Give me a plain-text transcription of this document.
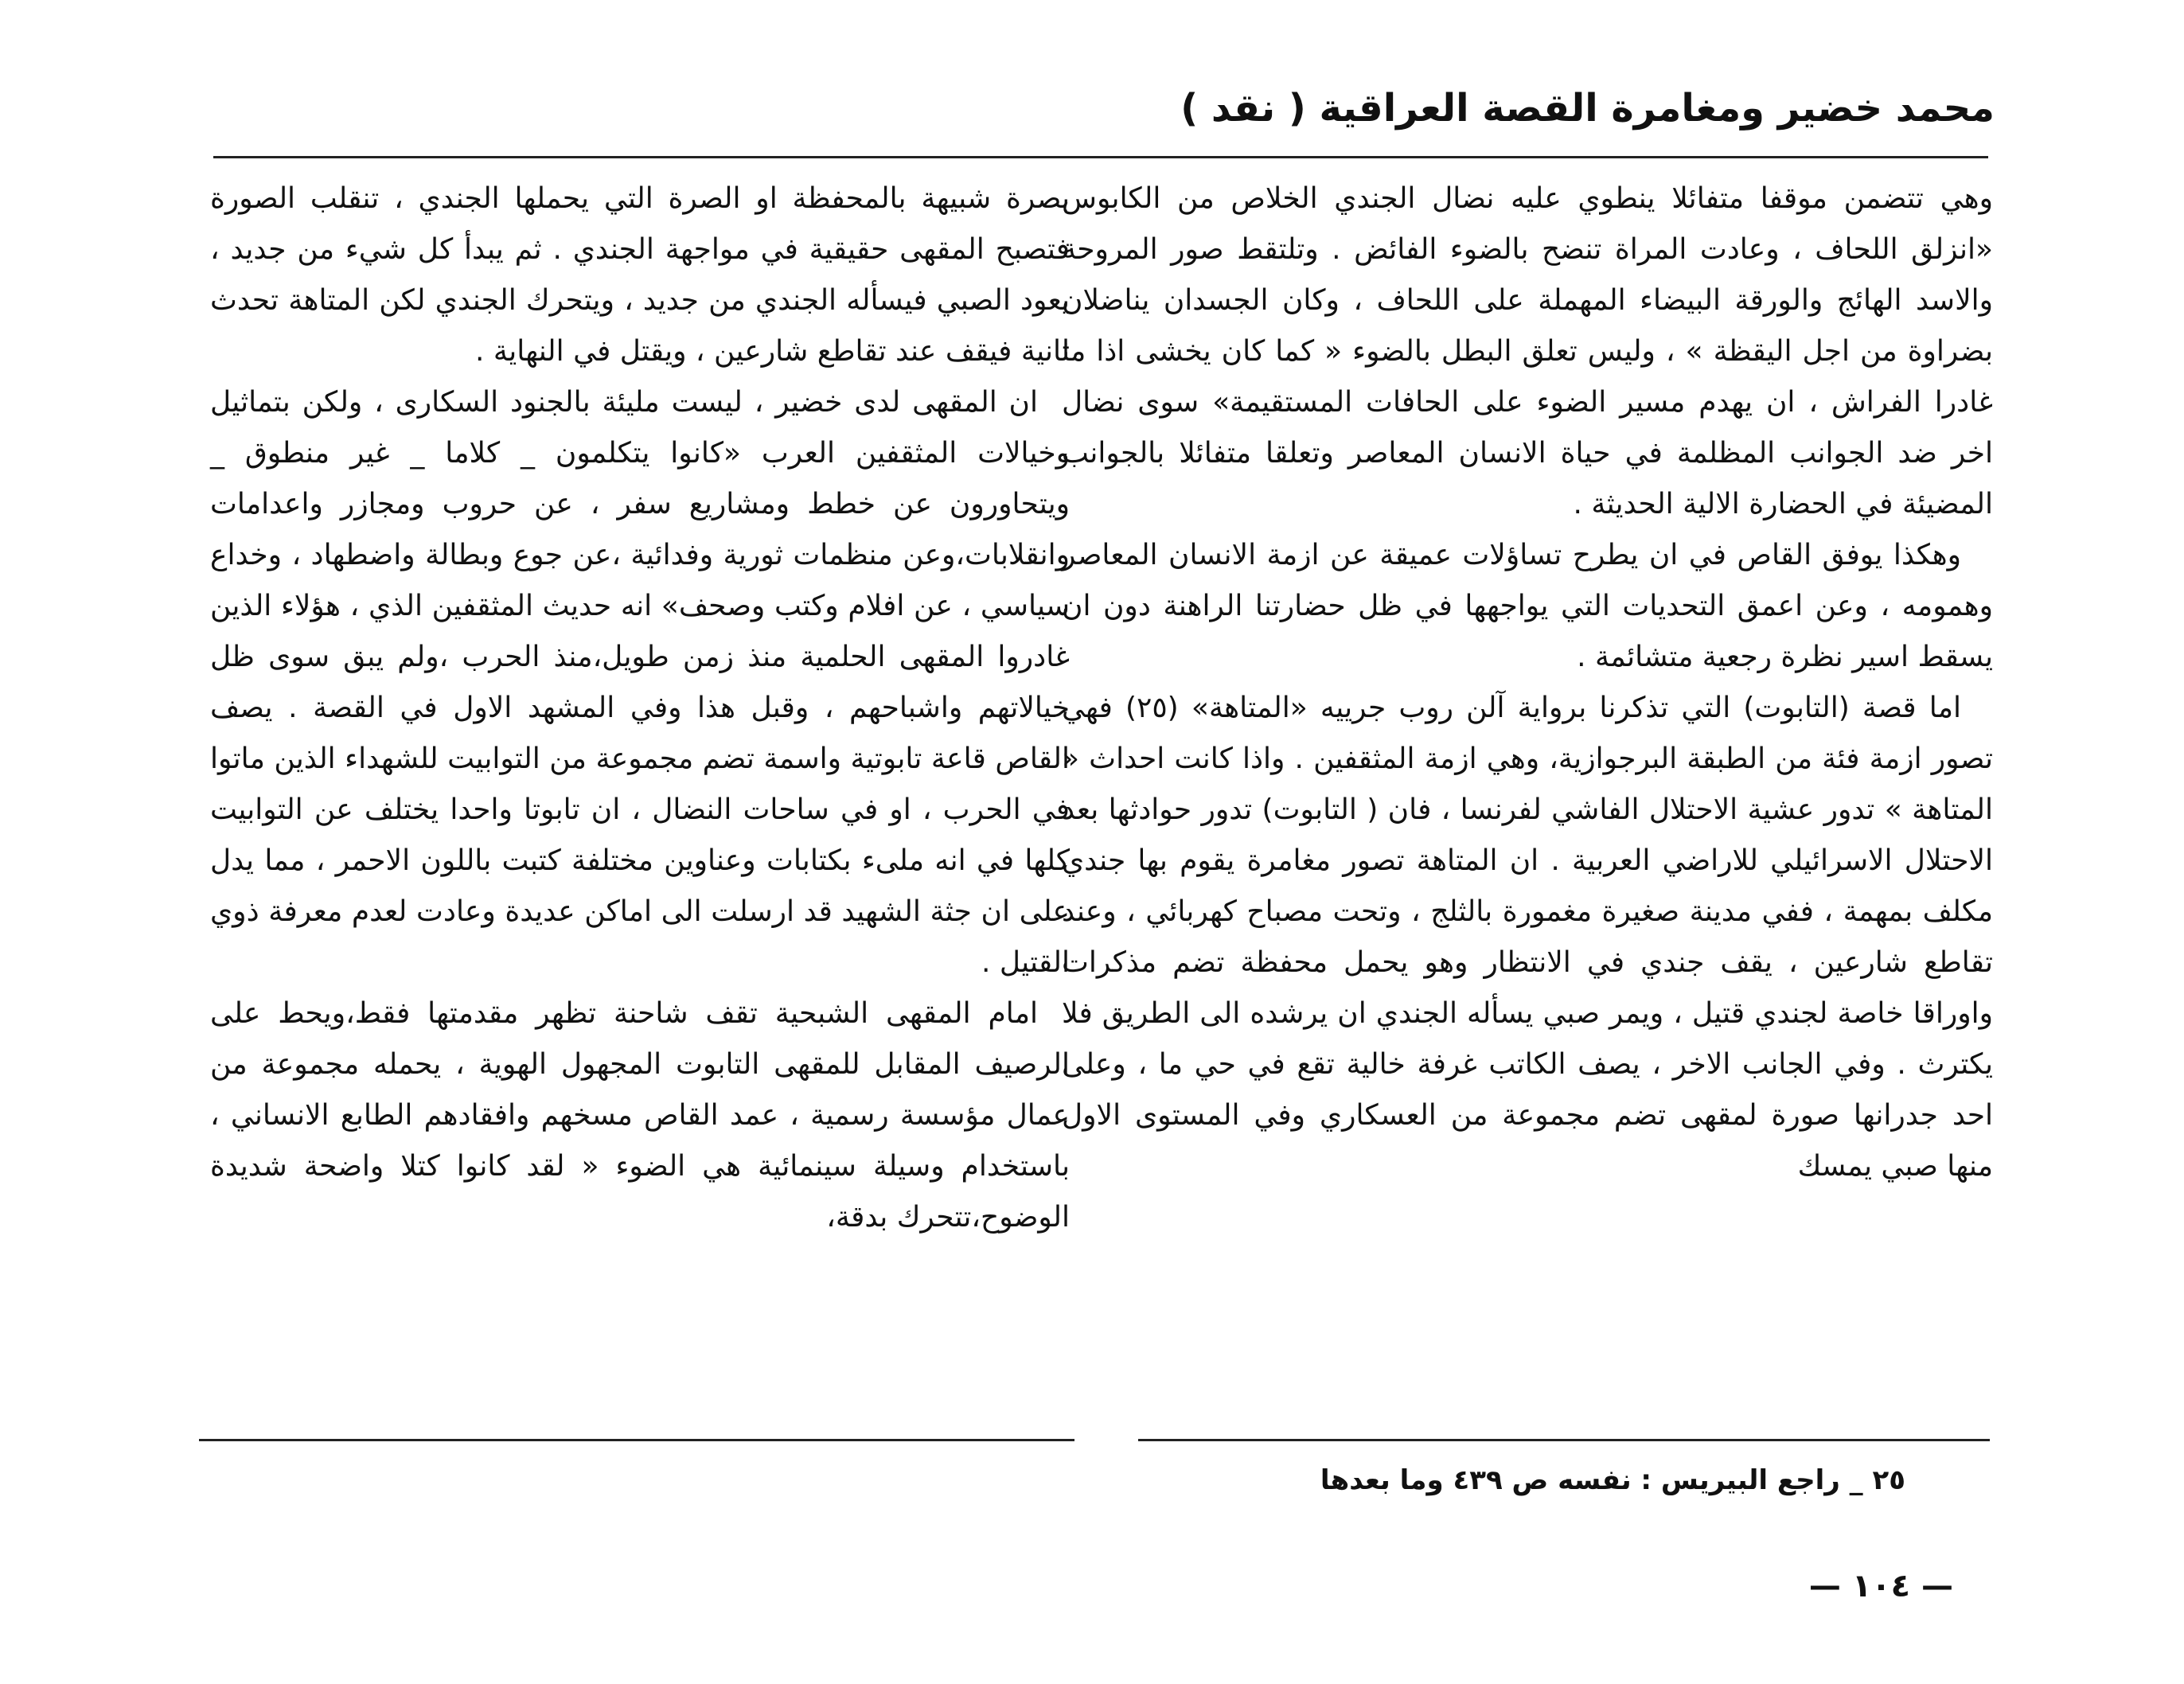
محمد خضير ومغامرة القصة العراقية ( نقد )

وهي تتضمن موقفا متفائلا ينطوي عليه نضال الجندي الخلاص من الكابوس «انزلق اللحاف ، وعادت المراة تنضح بالضوء الفائض . وتلتقط صور المروحة والاسد الهائج والورقة البيضاء المهملة على اللحاف ، وكان الجسدان يناضلان بضراوة من اجل اليقظة » ، وليس تعلق البطل بالضوء « كما كان يخشى اذا ما غادرا الفراش ، ان يهدم مسير الضوء على الحافات المستقيمة» سوى نضال اخر ضد الجوانب المظلمة في حياة الانسان المعاصر وتعلقا متفائلا بالجوانب المضيئة في الحضارة الالية الحديثة .

وهكذا يوفق القاص في ان يطرح تساؤلات عميقة عن ازمة الانسان المعاصر وهمومه ، وعن اعمق التحديات التي يواجهها في ظل حضارتنا الراهنة دون ان يسقط اسير نظرة رجعية متشائمة .

اما قصة (التابوت) التي تذكرنا برواية آلن روب جرييه «المتاهة» (٢٥) فهي تصور ازمة فئة من الطبقة البرجوازية، وهي ازمة المثقفين . واذا كانت احداث « المتاهة » تدور عشية الاحتلال الفاشي لفرنسا ، فان ( التابوت) تدور حوادثها بعد الاحتلال الاسرائيلي للاراضي العربية . ان المتاهة تصور مغامرة يقوم بها جندي مكلف بمهمة ، ففي مدينة صغيرة مغمورة بالثلج ، وتحت مصباح كهربائي ، وعند تقاطع شارعين ، يقف جندي في الانتظار وهو يحمل محفظة تضم مذكرات واوراقا خاصة لجندي قتيل ، ويمر صبي يسأله الجندي ان يرشده الى الطريق فلا يكترث . وفي الجانب الاخر ، يصف الكاتب غرفة خالية تقع في حي ما ، وعلى احد جدرانها صورة لمقهى تضم مجموعة من العسكاري وفي المستوى الاول منها صبي يمسك

بصرة شبيهة بالمحفظة او الصرة التي يحملها الجندي ، تنقلب الصورة فتصبح المقهى حقيقية في مواجهة الجندي . ثم يبدأ كل شيء من جديد ، يعود الصبي فيسأله الجندي من جديد ، ويتحرك الجندي لكن المتاهة تحدث ثانية فيقف عند تقاطع شارعين ، ويقتل في النهاية .

ان المقهى لدى خضير ، ليست مليئة بالجنود السكارى ، ولكن بتماثيل وخيالات المثقفين العرب «كانوا يتكلمون _ كلاما _ غير منطوق _ ويتحاورون عن خطط ومشاريع سفر ، عن حروب ومجازر واعدامات وانقلابات،وعن منظمات ثورية وفدائية ،عن جوع وبطالة واضطهاد ، وخداع سياسي ، عن افلام وكتب وصحف» انه حديث المثقفين الذي ، هؤلاء الذين غادروا المقهى الحلمية منذ زمن طويل،منذ الحرب ،ولم يبق سوى ظل خيالاتهم واشباحهم ، وقبل هذا وفي المشهد الاول في القصة . يصف القاص قاعة تابوتية واسمة تضم مجموعة من التوابيت للشهداء الذين ماتوا في الحرب ، او في ساحات النضال ، ان تابوتا واحدا يختلف عن التوابيت كلها في انه ملىء بكتابات وعناوين مختلفة كتبت باللون الاحمر ، مما يدل على ان جثة الشهيد قد ارسلت الى اماكن عديدة وعادت لعدم معرفة ذوي القتيل .

امام المقهى الشبحية تقف شاحنة تظهر مقدمتها فقط،ويحط على الرصيف المقابل للمقهى التابوت المجهول الهوية ، يحمله مجموعة من عمال مؤسسة رسمية ، عمد القاص مسخهم وافقادهم الطابع الانساني ، باستخدام وسيلة سينمائية هي الضوء « لقد كانوا كتلا واضحة شديدة الوضوح،تتحرك بدقة،

٢٥ _ راجع البيريس : نفسه ص ٤٣٩ وما بعدها
— ١٠٤ —
